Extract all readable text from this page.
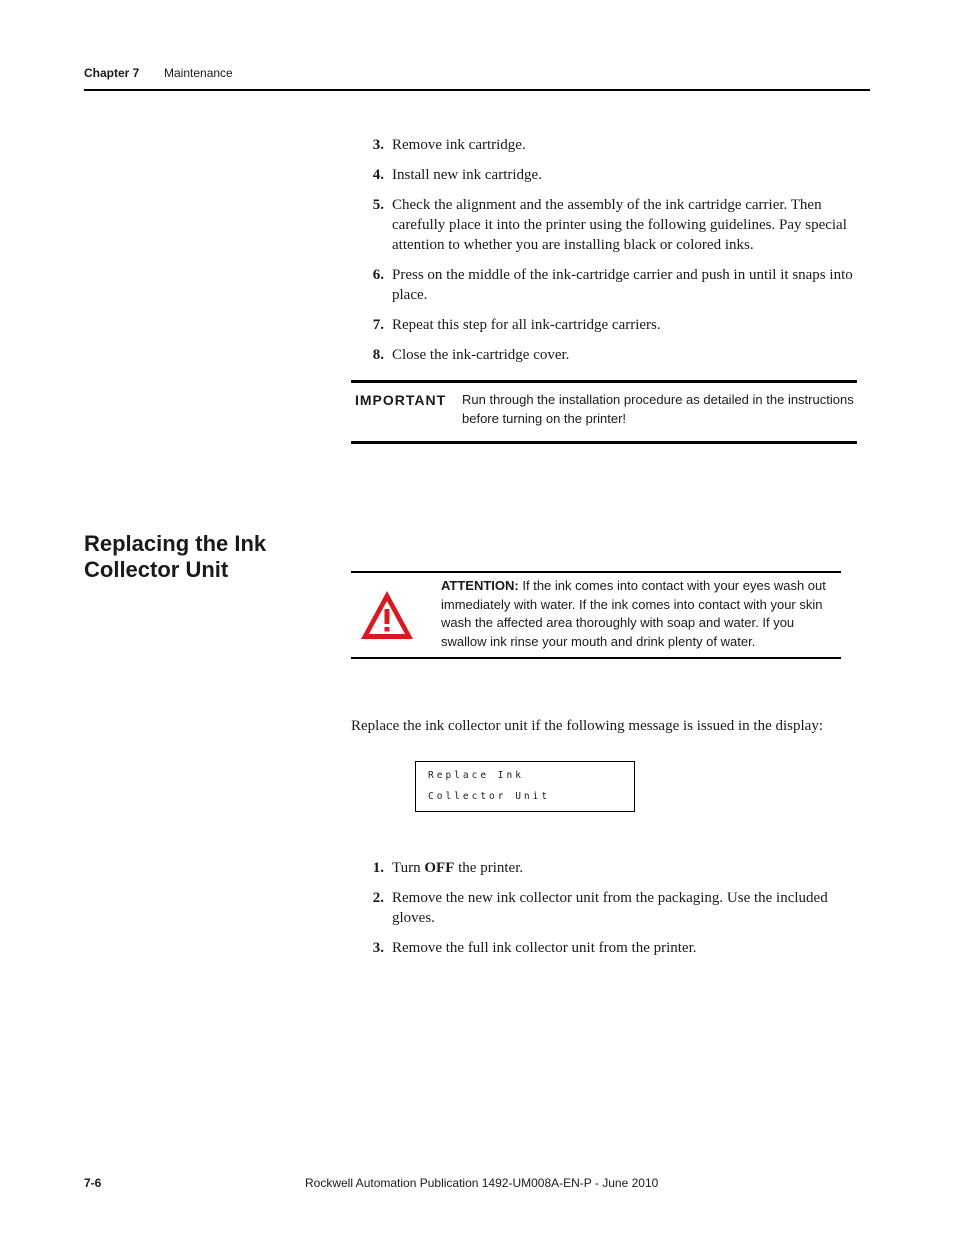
Chapter 7 Maintenance
3. Remove ink cartridge.
4. Install new ink cartridge.
5. Check the alignment and the assembly of the ink cartridge carrier. Then carefully place it into the printer using the following guidelines. Pay special attention to whether you are installing black or colored inks.
6. Press on the middle of the ink-cartridge carrier and push in until it snaps into place.
7. Repeat this step for all ink-cartridge carriers.
8. Close the ink-cartridge cover.
IMPORTANT Run through the installation procedure as detailed in the instructions before turning on the printer!
Replacing the Ink Collector Unit
ATTENTION: If the ink comes into contact with your eyes wash out immediately with water. If the ink comes into contact with your skin wash the affected area thoroughly with soap and water. If you swallow ink rinse your mouth and drink plenty of water.
Replace the ink collector unit if the following message is issued in the display:
Replace Ink
Collector Unit
1. Turn OFF the printer.
2. Remove the new ink collector unit from the packaging. Use the included gloves.
3. Remove the full ink collector unit from the printer.
7-6	Rockwell Automation Publication 1492-UM008A-EN-P - June 2010
